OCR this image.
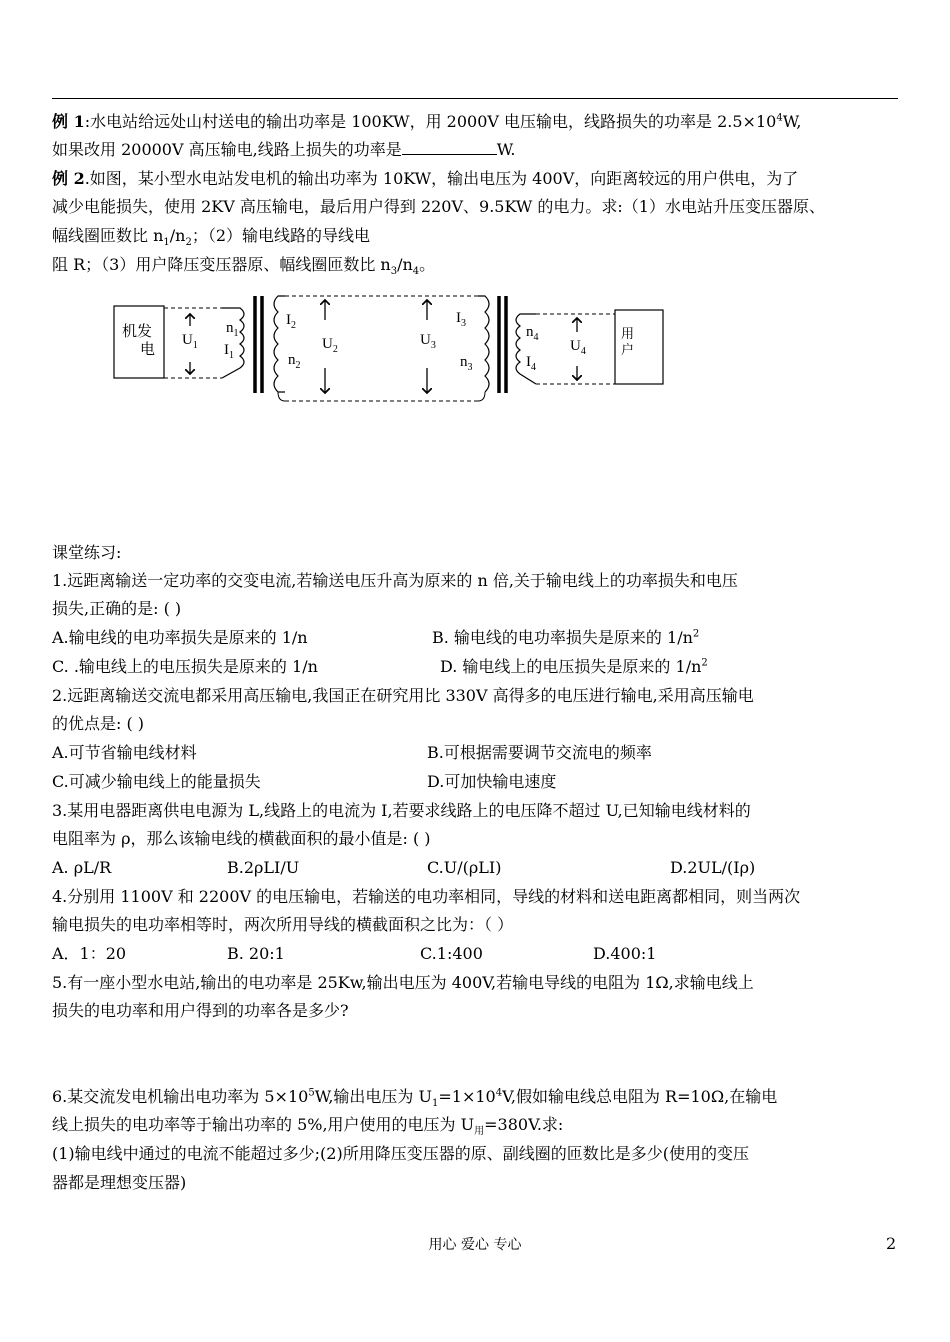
例 1:水电站给远处山村送电的输出功率是 100KW，用 2000V 电压输电，线路损失的功率是 $2.5\times 10^4W$,
如果改用 20000V 高压输电,线路上损失的功率是	W.
例 2.如图，某小型水电站发电机的输出功率为 10KW，输出电压为 400V，向距离较远的用户供电，为了
减少电能损失，使用 2KV 高压输电，最后用户得到 220V、9.5KW 的电力。求:（1）水电站升压变压器原、
幅线圈匝数比 $n_1/n_2$；（2）输电线路的导线电
阻 R；（3）用户降压变压器原、幅线圈匝数比 $n_3/n_4$。
机发电
$U_1$
$n_1$
$I_1$
$I_2$
$n_2$
$U_2$
$U_3$
$I_3$
$n_3$
$n_4$
$I_4$
$U_4$
用户
课堂练习:
1.远距离输送一定功率的交变电流,若输送电压升高为原来的 n 倍,关于输电线上的功率损失和电压
损失,正确的是: ( )
A.输电线的电功率损失是原来的 1/n	B. 输电线的电功率损失是原来的 $1/n^2$
C. .输电线上的电压损失是原来的 1/n	D. 输电线上的电压损失是原来的 $1/n^2$
2.远距离输送交流电都采用高压输电,我国正在研究用比 330V 高得多的电压进行输电,采用高压输电
的优点是: ( )
A.可节省输电线材料	B.可根据需要调节交流电的频率
C.可减少输电线上的能量损失	D.可加快输电速度
3.某用电器距离供电电源为 L,线路上的电流为 I,若要求线路上的电压降不超过 U,已知输电线材料的
电阻率为 ρ，那么该输电线的横截面积的最小值是: ( )
A. ρL/R	B.2ρLI/U	C.U/(ρLI)	D.2UL/(Iρ)
4.分别用 1100V 和 2200V 的电压输电，若输送的电功率相同，导线的材料和送电距离都相同，则当两次
输电损失的电功率相等时，两次所用导线的横截面积之比为：（ ）
A．1：20	B. 20:1	C.1:400	D.400:1
5.有一座小型水电站,输出的电功率是 25Kw,输出电压为 400V,若输电导线的电阻为 1Ω,求输电线上
损失的电功率和用户得到的功率各是多少?
6.某交流发电机输出电功率为 $5\times 10^5W$,输出电压为 $U_1=1\times 10^4V$,假如输电线总电阻为 R=10Ω,在输电
线上损失的电功率等于输出功率的 5%,用户使用的电压为 $U_用=380V$.求:
(1)输电线中通过的电流不能超过多少;(2)所用降压变压器的原、副线圈的匝数比是多少(使用的变压
器都是理想变压器)
用心 爱心 专心	2
